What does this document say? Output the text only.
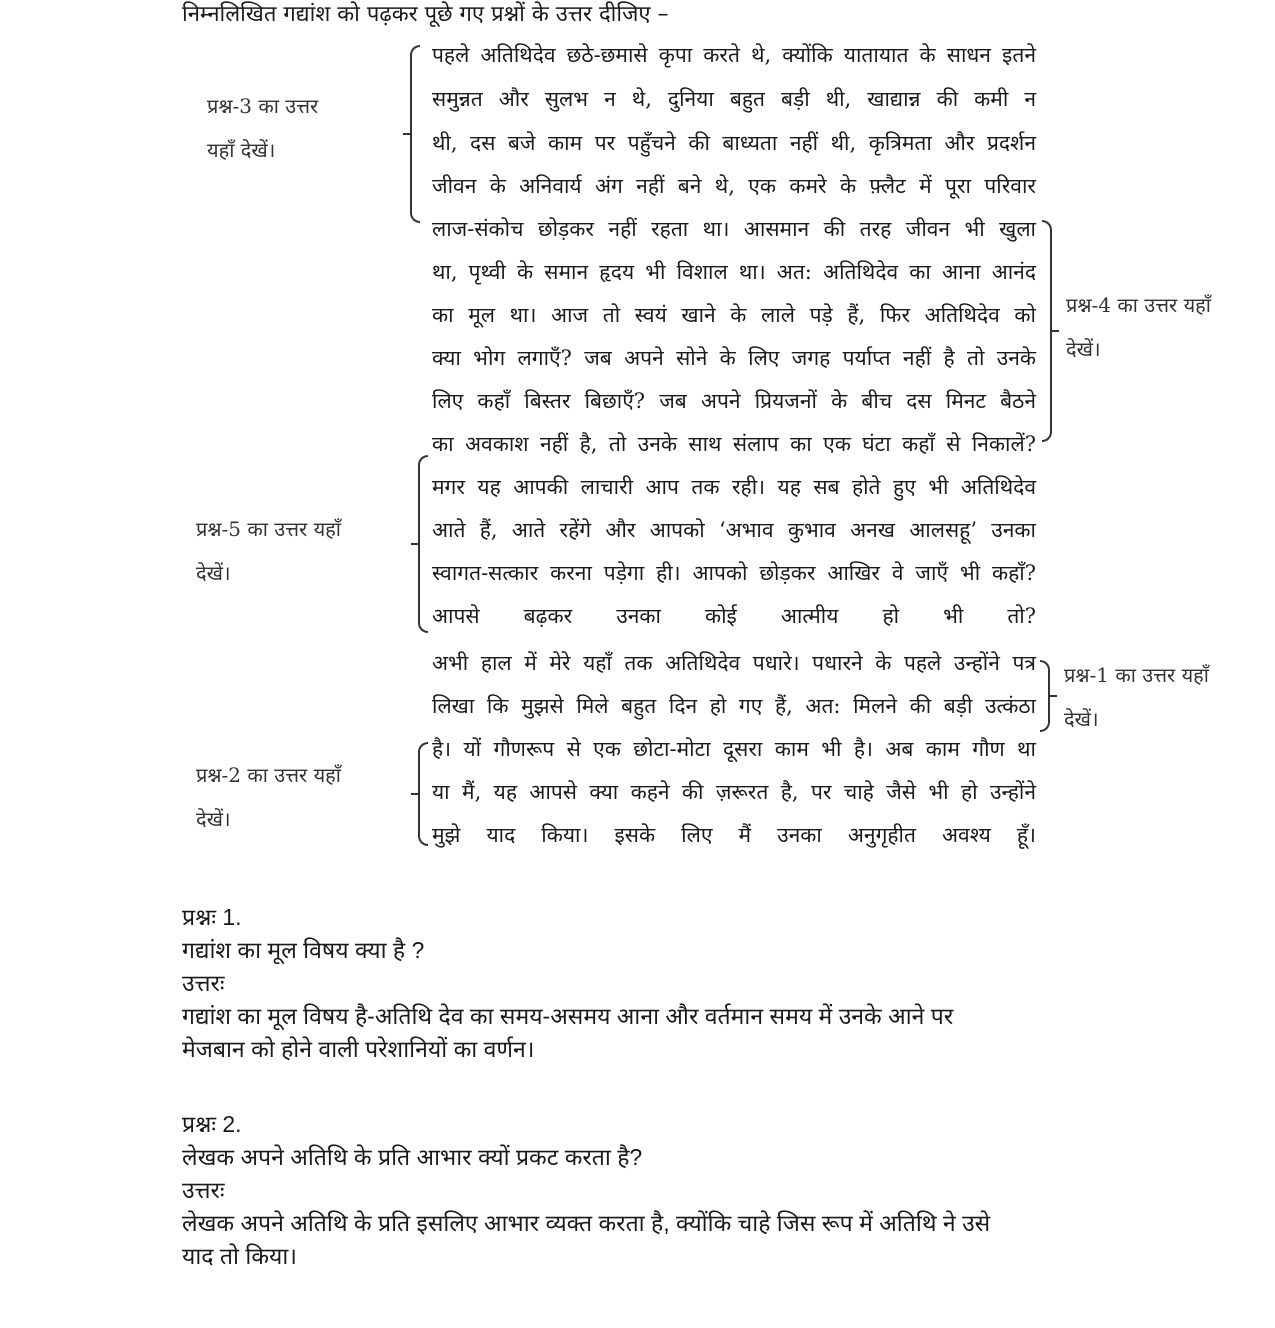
निम्नलिखित गद्यांश को पढ़कर पूछे गए प्रश्नों के उत्तर दीजिए –
पहले अतिथिदेव छठे-छमासे कृपा करते थे, क्योंकि यातायात के साधन इतने
समुन्नत और सुलभ न थे, दुनिया बहुत बड़ी थी, खाद्यान्न की कमी न
थी, दस बजे काम पर पहुँचने की बाध्यता नहीं थी, कृत्रिमता और प्रदर्शन
जीवन के अनिवार्य अंग नहीं बने थे, एक कमरे के फ़्लैट में पूरा परिवार
लाज-संकोच छोड़कर नहीं रहता था। आसमान की तरह जीवन भी खुला
था, पृथ्वी के समान हृदय भी विशाल था। अत: अतिथिदेव का आना आनंद
का मूल था। आज तो स्वयं खाने के लाले पड़े हैं, फिर अतिथिदेव को
क्या भोग लगाएँ? जब अपने सोने के लिए जगह पर्याप्त नहीं है तो उनके
लिए कहाँ बिस्तर बिछाएँ? जब अपने प्रियजनों के बीच दस मिनट बैठने
का अवकाश नहीं है, तो उनके साथ संलाप का एक घंटा कहाँ से निकालें?
मगर यह आपकी लाचारी आप तक रही। यह सब होते हुए भी अतिथिदेव
आते हैं, आते रहेंगे और आपको ‘अभाव कुभाव अनख आलसहू’ उनका
स्वागत-सत्कार करना पड़ेगा ही। आपको छोड़कर आखिर वे जाएँ भी कहाँ?
आपसे बढ़कर उनका कोई आत्मीय हो भी तो?
अभी हाल में मेरे यहाँ तक अतिथिदेव पधारे। पधारने के पहले उन्होंने पत्र
लिखा कि मुझसे मिले बहुत दिन हो गए हैं, अत: मिलने की बड़ी उत्कंठा
है। यों गौणरूप से एक छोटा-मोटा दूसरा काम भी है। अब काम गौण था
या मैं, यह आपसे क्या कहने की ज़रूरत है, पर चाहे जैसे भी हो उन्होंने
मुझे याद किया। इसके लिए मैं उनका अनुगृहीत अवश्य हूँ।
प्रश्न-3 का उत्तर
यहाँ देखें।
प्रश्न-4 का उत्तर यहाँ
देखें।
प्रश्न-5 का उत्तर यहाँ
देखें।
प्रश्न-1 का उत्तर यहाँ
देखें।
प्रश्न-2 का उत्तर यहाँ
देखें।
प्रश्नः 1.
गद्यांश का मूल विषय क्या है ?
उत्तरः
गद्यांश का मूल विषय है-अतिथि देव का समय-असमय आना और वर्तमान समय में उनके आने पर
मेजबान को होने वाली परेशानियों का वर्णन।
प्रश्नः 2.
लेखक अपने अतिथि के प्रति आभार क्यों प्रकट करता है?
उत्तरः
लेखक अपने अतिथि के प्रति इसलिए आभार व्यक्त करता है, क्योंकि चाहे जिस रूप में अतिथि ने उसे
याद तो किया।
